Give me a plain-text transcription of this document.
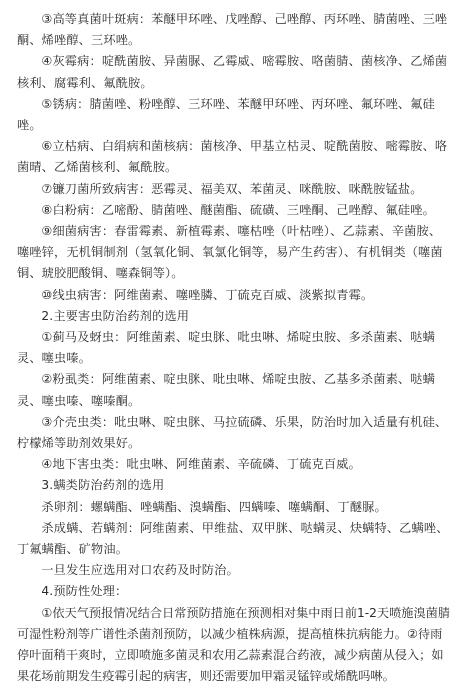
③高等真菌叶斑病：苯醚甲环唑、戊唑醇、己唑醇、丙环唑、腈菌唑、三唑酮、烯唑醇、三环唑。

④灰霉病：啶酰菌胺、异菌脲、乙霉威、嘧霉胺、咯菌腈、菌核净、乙烯菌核利、腐霉利、氟酰胺。

⑤锈病：腈菌唑、粉唑醇、三环唑、苯醚甲环唑、丙环唑、氟环唑、氟硅唑。

⑥立枯病、白绢病和菌核病：菌核净、甲基立枯灵、啶酰菌胺、嘧霉胺、咯菌晴、乙烯菌核利、氟酰胺。

⑦镰刀菌所致病害：恶霉灵、福美双、苯菌灵、咪酰胺、咪酰胺锰盐。

⑧白粉病：乙嘧酚、腈菌唑、醚菌酯、硫磺、三唑酮、己唑醇、氟硅唑。

⑨细菌病害：春雷霉素、新植霉素、噻枯唑（叶枯唑）、乙蒜素、辛菌胺、噻唑锌，无机铜制剂（氢氧化铜、氧氯化铜等，易产生药害）、有机铜类（噻菌铜、琥胶肥酸铜、噻森铜等）。

⑩线虫病害：阿维菌素、噻唑膦、丁硫克百威、淡紫拟青霉。

2.主要害虫防治药剂的选用

①蓟马及蚜虫：阿维菌素、啶虫脒、吡虫啉、烯啶虫胺、多杀菌素、哒螨灵、噻虫嗪。

②粉虱类：阿维菌素、啶虫脒、吡虫啉、烯啶虫胺、乙基多杀菌素、哒螨灵、噻虫嗪、噻嗪酮。

③介壳虫类：吡虫啉、啶虫脒、马拉硫磷、乐果，防治时加入适量有机硅、柠檬烯等助剂效果好。

④地下害虫类：吡虫啉、阿维菌素、辛硫磷、丁硫克百威。

3.螨类防治药剂的选用

杀卵剂：螺螨酯、唑螨酯、溴螨酯、四螨嗪、噻螨酮、丁醚脲。

杀成螨、若螨剂：阿维菌素、甲维盐、双甲脒、哒螨灵、炔螨特、乙螨唑、丁氟螨酯、矿物油。

一旦发生应选用对口农药及时防治。

4.预防性处理：

①依天气预报情况结合日常预防措施在预测相对集中雨日前1-2天喷施溴菌腈可湿性粉剂等广谱性杀菌剂预防，以减少植株病源，提高植株抗病能力。②待雨停叶面稍干爽时，立即喷施多菌灵和农用乙蒜素混合药液，减少病菌从侵入；如果花场前期发生疫霉引起的病害，则还需要加甲霜灵锰锌或烯酰吗啉。
